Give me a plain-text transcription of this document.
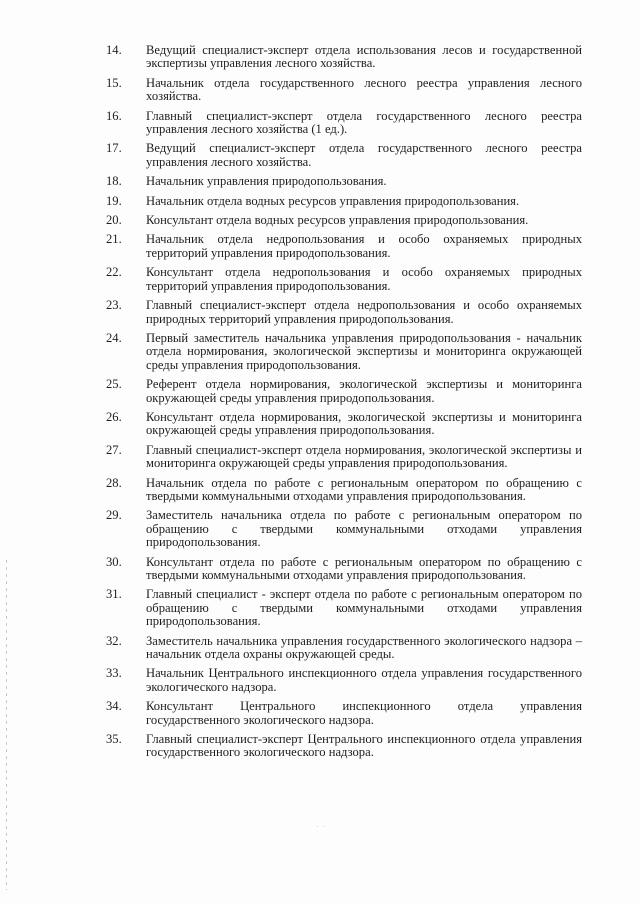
14.	Ведущий специалист-эксперт отдела использования лесов и государственной экспертизы управления лесного хозяйства.
15.	Начальник отдела государственного лесного реестра управления лесного хозяйства.
16.	Главный специалист-эксперт отдела государственного лесного реестра управления лесного хозяйства (1 ед.).
17.	Ведущий специалист-эксперт отдела государственного лесного реестра управления лесного хозяйства.
18.	Начальник управления природопользования.
19.	Начальник отдела водных ресурсов управления природопользования.
20.	Консультант отдела водных ресурсов управления природопользования.
21.	Начальник отдела недропользования и особо охраняемых природных территорий управления природопользования.
22.	Консультант отдела недропользования и особо охраняемых природных территорий управления природопользования.
23.	Главный специалист-эксперт отдела недропользования и особо охраняемых природных территорий управления природопользования.
24.	Первый заместитель начальника управления природопользования - начальник отдела нормирования, экологической экспертизы и мониторинга окружающей среды управления природопользования.
25.	Референт отдела нормирования, экологической экспертизы и мониторинга окружающей среды управления природопользования.
26.	Консультант отдела нормирования, экологической экспертизы и мониторинга окружающей среды управления природопользования.
27.	Главный специалист-эксперт отдела нормирования, экологической экспертизы и мониторинга окружающей среды управления природопользования.
28.	Начальник отдела по работе с региональным оператором по обращению с твердыми коммунальными отходами управления природопользования.
29.	Заместитель начальника отдела по работе с региональным оператором по обращению с твердыми коммунальными отходами управления природопользования.
30.	Консультант отдела по работе с региональным оператором по обращению с твердыми коммунальными отходами управления природопользования.
31.	Главный специалист - эксперт отдела по работе с региональным оператором по обращению с твердыми коммунальными отходами управления природопользования.
32.	Заместитель начальника управления государственного экологического надзора – начальник отдела охраны окружающей среды.
33.	Начальник Центрального инспекционного отдела управления государственного экологического надзора.
34.	Консультант Центрального инспекционного отдела управления государственного экологического надзора.
35.	Главный специалист-эксперт Центрального инспекционного отдела управления государственного экологического надзора.
· ·
